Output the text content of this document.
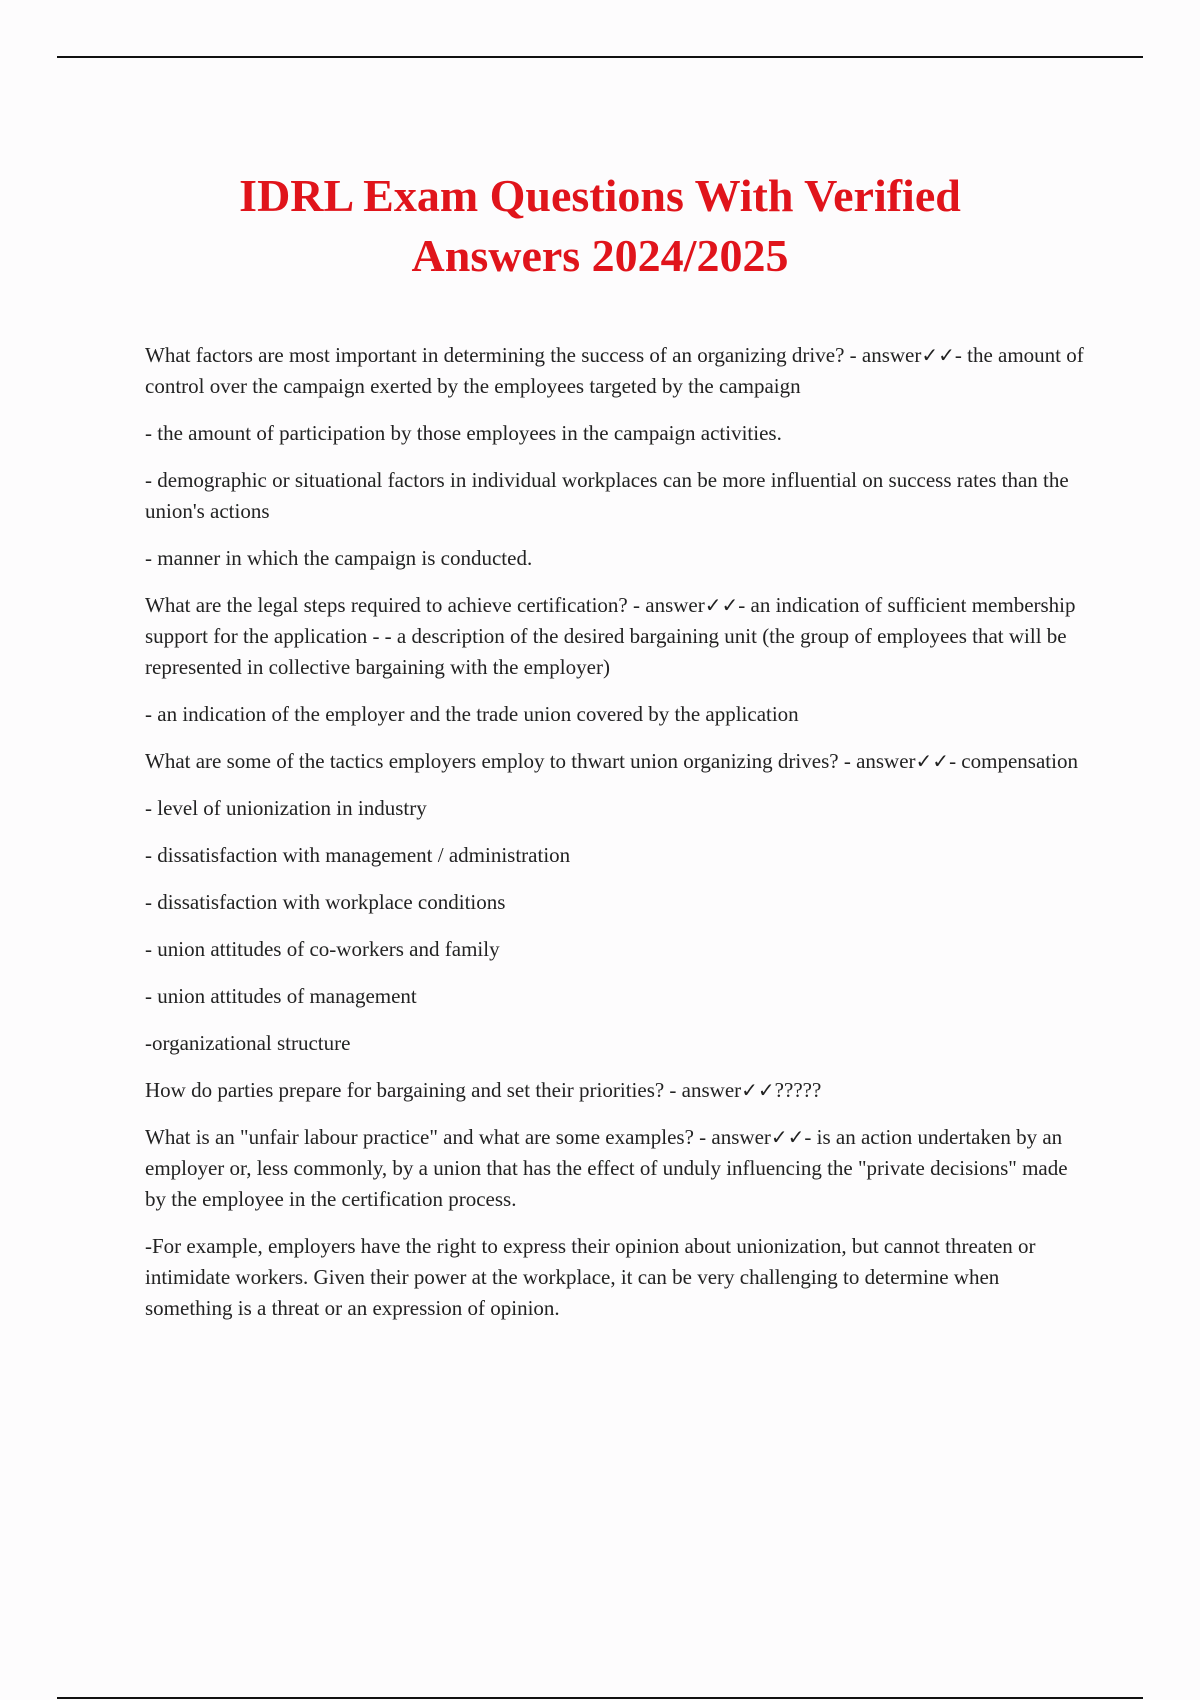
IDRL Exam Questions With Verified
Answers 2024/2025

What factors are most important in determining the success of an organizing drive? - answer✓✓- the amount of control over the campaign exerted by the employees targeted by the campaign

- the amount of participation by those employees in the campaign activities.

- demographic or situational factors in individual workplaces can be more influential on success rates than the union's actions

- manner in which the campaign is conducted.

What are the legal steps required to achieve certification? - answer✓✓- an indication of sufficient membership support for the application - - a description of the desired bargaining unit (the group of employees that will be represented in collective bargaining with the employer)

- an indication of the employer and the trade union covered by the application

What are some of the tactics employers employ to thwart union organizing drives? - answer✓✓- compensation

- level of unionization in industry

- dissatisfaction with management / administration

- dissatisfaction with workplace conditions

- union attitudes of co-workers and family

- union attitudes of management

-organizational structure

How do parties prepare for bargaining and set their priorities? - answer✓✓?????

What is an "unfair labour practice" and what are some examples? - answer✓✓- is an action undertaken by an employer or, less commonly, by a union that has the effect of unduly influencing the "private decisions" made by the employee in the certification process.

-For example, employers have the right to express their opinion about unionization, but cannot threaten or intimidate workers. Given their power at the workplace, it can be very challenging to determine when something is a threat or an expression of opinion.
